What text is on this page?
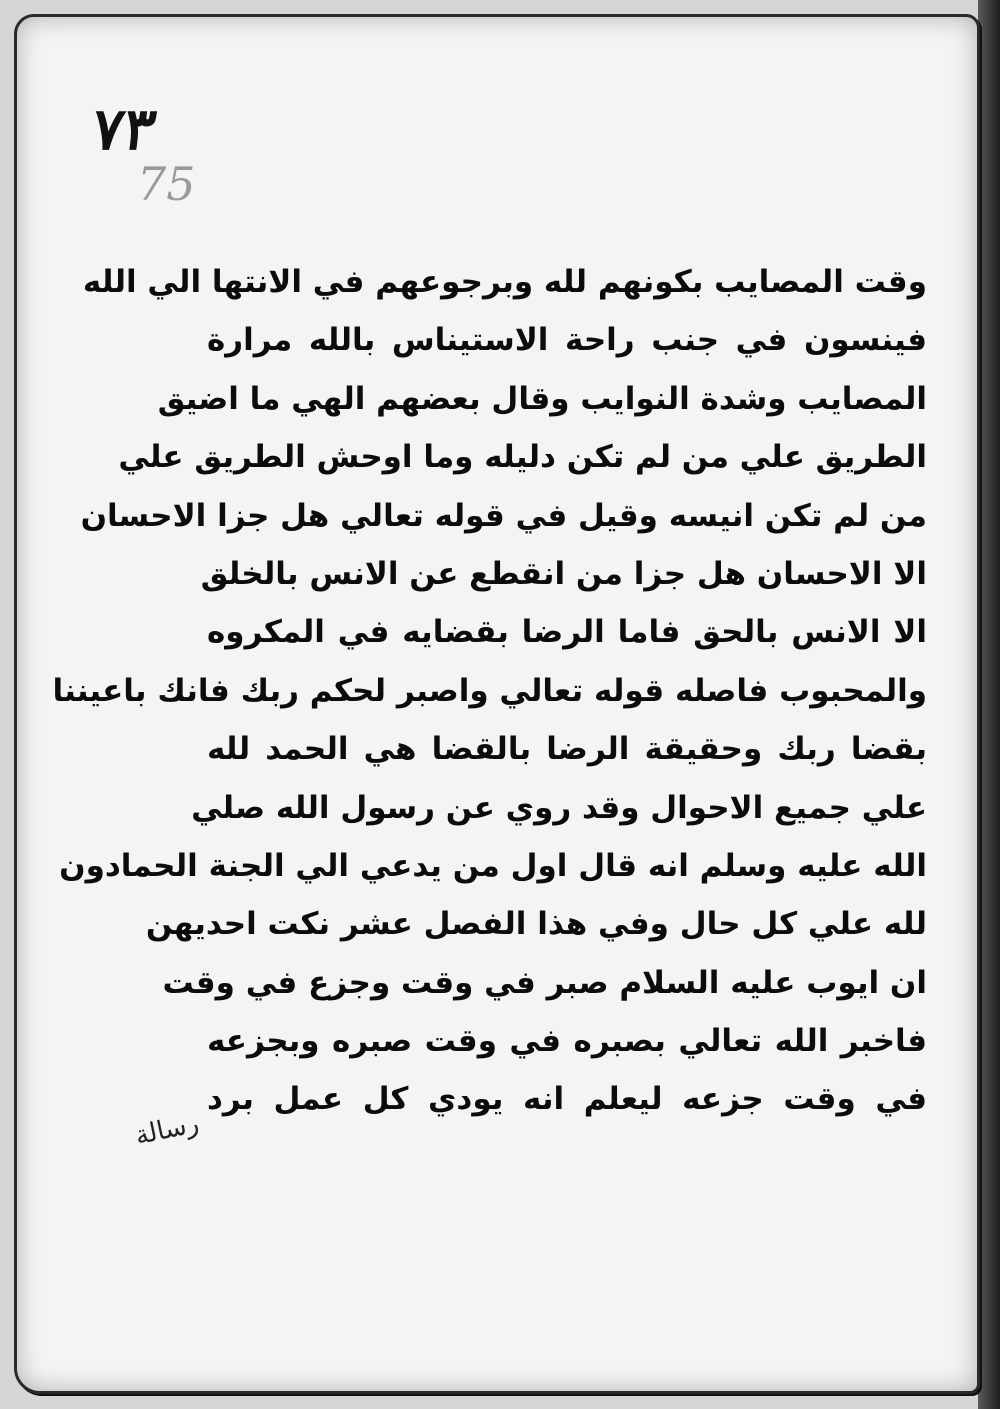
٧٣
75
وقت المصايب بكونهم لله وبرجوعهم في الانتها الي الله
فينسون في جنب راحة الاستيناس بالله مرارة
المصايب وشدة النوايب وقال بعضهم الهي ما اضيق
الطريق علي من لم تكن دليله وما اوحش الطريق علي
من لم تكن انيسه وقيل في قوله تعالي هل جزا الاحسان
الا الاحسان هل جزا من انقطع عن الانس بالخلق
الا الانس بالحق فاما الرضا بقضايه في المكروه
والمحبوب فاصله قوله تعالي واصبر لحكم ربك فانك باعيننا
بقضا ربك وحقيقة الرضا بالقضا هي الحمد لله
علي جميع الاحوال وقد روي عن رسول الله صلي
الله عليه وسلم انه قال اول من يدعي الي الجنة الحمادون
لله علي كل حال وفي هذا الفصل عشر نكت احديهن
ان ايوب عليه السلام صبر في وقت وجزع في وقت
فاخبر الله تعالي بصبره في وقت صبره وبجزعه
في وقت جزعه ليعلم انه يودي كل عمل برد
رسالة
